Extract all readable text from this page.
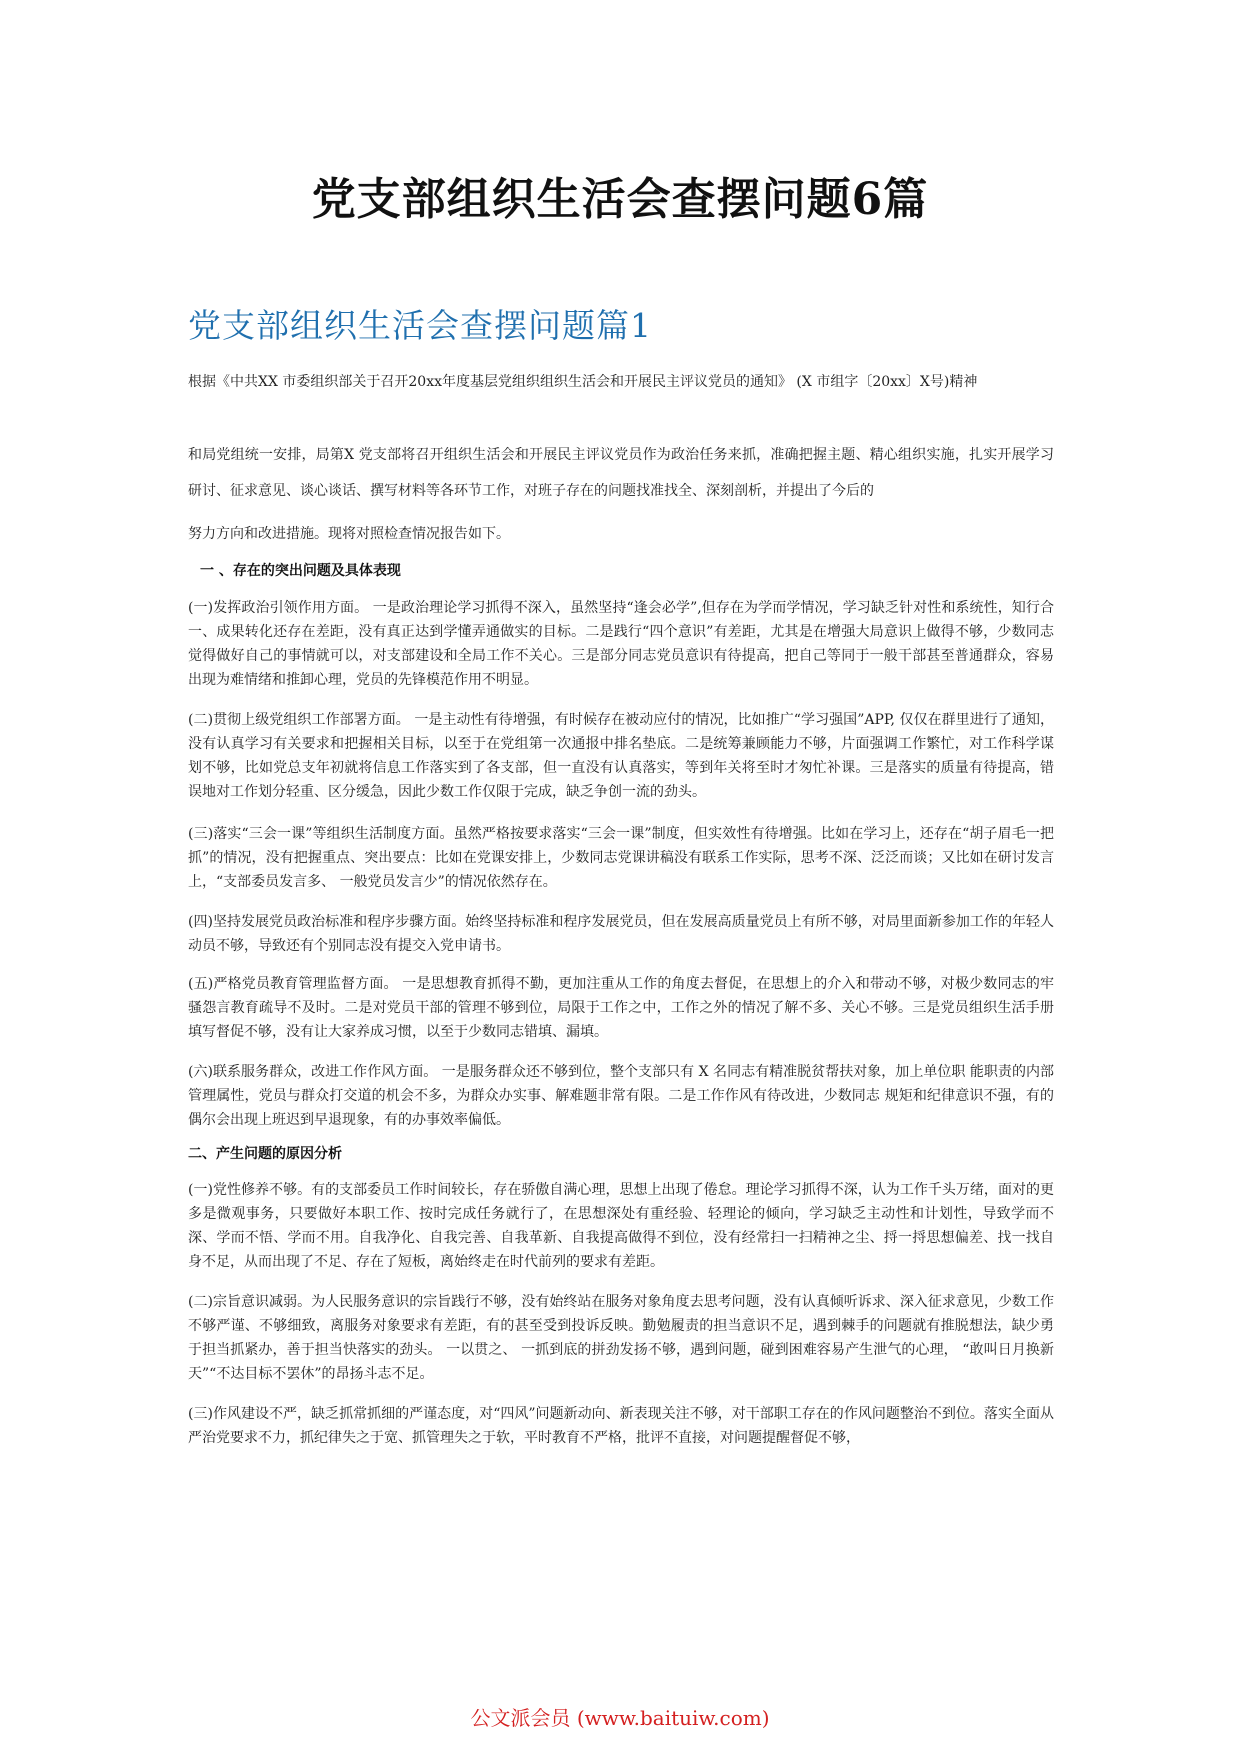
党支部组织生活会查摆问题6篇
党支部组织生活会查摆问题篇1

根据《中共XX 市委组织部关于召开20xx年度基层党组织组织生活会和开展民主评议党员的通知》 (X 市组字〔20xx〕X号)精神

和局党组统一安排，局第X 党支部将召开组织生活会和开展民主评议党员作为政治任务来抓，准确把握主题、精心组织实施，扎实开展学习研讨、征求意见、谈心谈话、撰写材料等各环节工作，对班子存在的问题找准找全、深刻剖析，并提出了今后的

努力方向和改进措施。现将对照检查情况报告如下。

一 、存在的突出问题及具体表现

(一)发挥政治引领作用方面。 一是政治理论学习抓得不深入，虽然坚持“逢会必学”,但存在为学而学情况，学习缺乏针对性和系统性，知行合一、成果转化还存在差距，没有真正达到学懂弄通做实的目标。二是践行“四个意识”有差距，尤其是在增强大局意识上做得不够，少数同志觉得做好自己的事情就可以，对支部建设和全局工作不关心。三是部分同志党员意识有待提高，把自己等同于一般干部甚至普通群众，容易出现为难情绪和推卸心理，党员的先锋模范作用不明显。

(二)贯彻上级党组织工作部署方面。 一是主动性有待增强，有时候存在被动应付的情况，比如推广“学习强国”APP, 仅仅在群里进行了通知，没有认真学习有关要求和把握相关目标，以至于在党组第一次通报中排名垫底。二是统筹兼顾能力不够，片面强调工作繁忙，对工作科学谋划不够，比如党总支年初就将信息工作落实到了各支部，但一直没有认真落实，等到年关将至时才匆忙补课。三是落实的质量有待提高，错误地对工作划分轻重、区分缓急，因此少数工作仅限于完成，缺乏争创一流的劲头。

(三)落实“三会一课”等组织生活制度方面。虽然严格按要求落实“三会一课”制度，但实效性有待增强。比如在学习上，还存在“胡子眉毛一把抓”的情况，没有把握重点、突出要点：比如在党课安排上，少数同志党课讲稿没有联系工作实际，思考不深、泛泛而谈；又比如在研讨发言上，“支部委员发言多、 一般党员发言少”的情况依然存在。

(四)坚持发展党员政治标准和程序步骤方面。始终坚持标准和程序发展党员，但在发展高质量党员上有所不够，对局里面新参加工作的年轻人动员不够，导致还有个别同志没有提交入党申请书。

(五)严格党员教育管理监督方面。 一是思想教育抓得不勤，更加注重从工作的角度去督促，在思想上的介入和带动不够，对极少数同志的牢骚怨言教育疏导不及时。二是对党员干部的管理不够到位，局限于工作之中，工作之外的情况了解不多、关心不够。三是党员组织生活手册填写督促不够，没有让大家养成习惯，以至于少数同志错填、漏填。

(六)联系服务群众，改进工作作风方面。 一是服务群众还不够到位，整个支部只有 X 名同志有精准脱贫帮扶对象，加上单位职 能职责的内部管理属性，党员与群众打交道的机会不多，为群众办实事、解难题非常有限。二是工作作风有待改进，少数同志 规矩和纪律意识不强，有的偶尔会出现上班迟到早退现象，有的办事效率偏低。

二、产生问题的原因分析

(一)党性修养不够。有的支部委员工作时间较长，存在骄傲自满心理，思想上出现了倦怠。理论学习抓得不深，认为工作千头万绪，面对的更多是微观事务，只要做好本职工作、按时完成任务就行了，在思想深处有重经验、轻理论的倾向，学习缺乏主动性和计划性，导致学而不深、学而不悟、学而不用。自我净化、自我完善、自我革新、自我提高做得不到位，没有经常扫一扫精神之尘、捋一捋思想偏差、找一找自身不足，从而出现了不足、存在了短板，离始终走在时代前列的要求有差距。

(二)宗旨意识减弱。为人民服务意识的宗旨践行不够，没有始终站在服务对象角度去思考问题，没有认真倾听诉求、深入征求意见，少数工作不够严谨、不够细致，离服务对象要求有差距，有的甚至受到投诉反映。勤勉履责的担当意识不足，遇到棘手的问题就有推脱想法，缺少勇于担当抓紧办，善于担当快落实的劲头。 一以贯之、 一抓到底的拼劲发扬不够，遇到问题，碰到困难容易产生泄气的心理， “敢叫日月换新天”“不达目标不罢休”的昂扬斗志不足。

(三)作风建设不严，缺乏抓常抓细的严谨态度，对“四风”问题新动向、新表现关注不够，对干部职工存在的作风问题整治不到位。落实全面从严治党要求不力，抓纪律失之于宽、抓管理失之于软，平时教育不严格，批评不直接，对问题提醒督促不够，

公文派会员 (www.baituiw.com)
